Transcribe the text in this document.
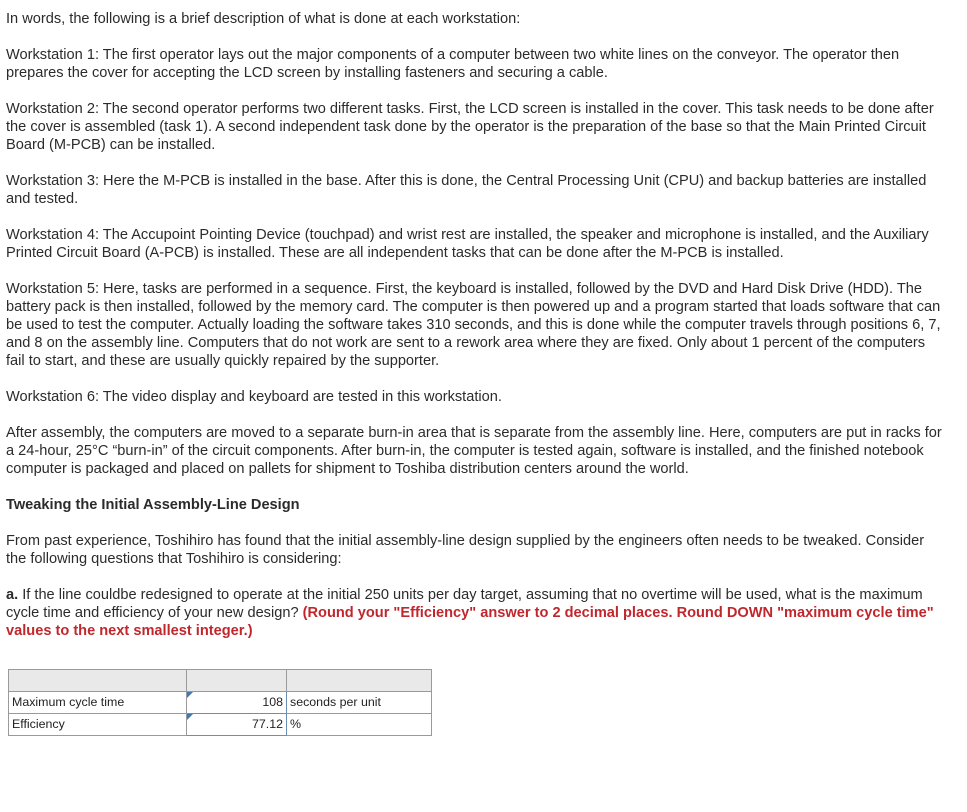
In words, the following is a brief description of what is done at each workstation:

Workstation 1: The first operator lays out the major components of a computer between two white lines on the conveyor. The operator then prepares the cover for accepting the LCD screen by installing fasteners and securing a cable.

Workstation 2: The second operator performs two different tasks. First, the LCD screen is installed in the cover. This task needs to be done after the cover is assembled (task 1). A second independent task done by the operator is the preparation of the base so that the Main Printed Circuit Board (M-PCB) can be installed.

Workstation 3: Here the M-PCB is installed in the base. After this is done, the Central Processing Unit (CPU) and backup batteries are installed and tested.

Workstation 4: The Accupoint Pointing Device (touchpad) and wrist rest are installed, the speaker and microphone is installed, and the Auxiliary Printed Circuit Board (A-PCB) is installed. These are all independent tasks that can be done after the M-PCB is installed.

Workstation 5: Here, tasks are performed in a sequence. First, the keyboard is installed, followed by the DVD and Hard Disk Drive (HDD). The battery pack is then installed, followed by the memory card. The computer is then powered up and a program started that loads software that can be used to test the computer. Actually loading the software takes 310 seconds, and this is done while the computer travels through positions 6, 7, and 8 on the assembly line. Computers that do not work are sent to a rework area where they are fixed. Only about 1 percent of the computers fail to start, and these are usually quickly repaired by the supporter.

Workstation 6: The video display and keyboard are tested in this workstation.

After assembly, the computers are moved to a separate burn-in area that is separate from the assembly line. Here, computers are put in racks for a 24-hour, 25°C “burn-in” of the circuit components. After burn-in, the computer is tested again, software is installed, and the finished notebook computer is packaged and placed on pallets for shipment to Toshiba distribution centers around the world.

Tweaking the Initial Assembly-Line Design

From past experience, Toshihiro has found that the initial assembly-line design supplied by the engineers often needs to be tweaked. Consider the following questions that Toshihiro is considering:

a. If the line couldbe redesigned to operate at the initial 250 units per day target, assuming that no overtime will be used, what is the maximum cycle time and efficiency of your new design? (Round your "Efficiency" answer to 2 decimal places. Round DOWN "maximum cycle time" values to the next smallest integer.)

Maximum cycle time	108	seconds per unit
Efficiency	77.12	%
